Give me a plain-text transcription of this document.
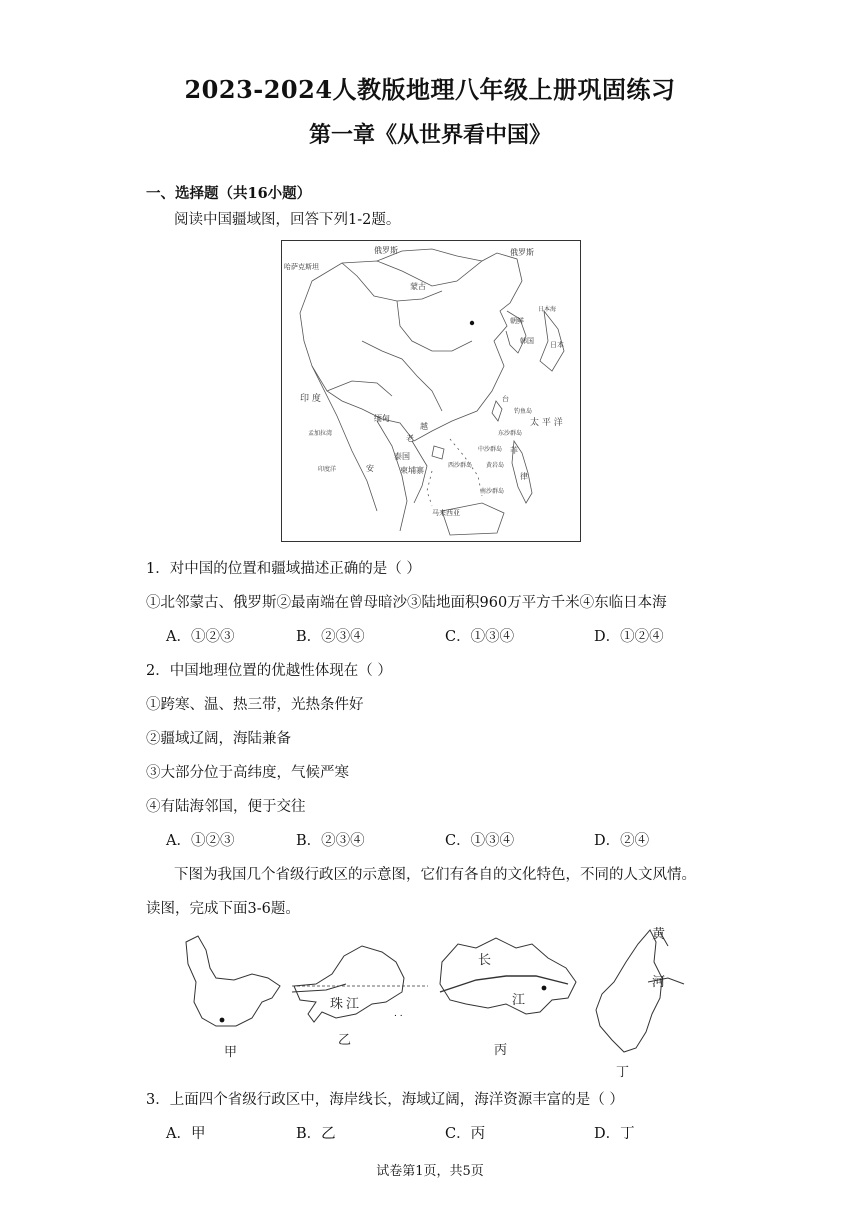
2023-2024人教版地理八年级上册巩固练习
第一章《从世界看中国》
一、选择题（共16小题）
阅读中国疆域图，回答下列1-2题。
俄罗斯	俄罗斯
哈萨克斯坦
蒙古
朝鲜
韩国
日本海
日本
印 度
缅甸
老
越
泰国
柬埔寨
孟加拉湾
印度洋
东沙群岛
中沙群岛
西沙群岛 黄岩岛
钓鱼岛
南沙群岛
太 平 洋
菲
律
马来西亚
安
台
1．对中国的位置和疆域描述正确的是（ ）
①北邻蒙古、俄罗斯②最南端在曾母暗沙③陆地面积960万平方千米④东临日本海
A．①②③	B．②③④	C．①③④	D．①②④
2．中国地理位置的优越性体现在（ ）
①跨寒、温、热三带，光热条件好
②疆域辽阔，海陆兼备
③大部分位于高纬度，气候严寒
④有陆海邻国，便于交往
A．①②③	B．②③④	C．①③④	D．②④
下图为我国几个省级行政区的示意图，它们有各自的文化特色，不同的人文风情。
读图，完成下面3-6题。
. .
甲
乙
丙
丁
珠 江
长
江
黄
河
3．上面四个省级行政区中，海岸线长，海域辽阔，海洋资源丰富的是（ ）
A．甲	B．乙	C．丙	D．丁
试卷第1页，共5页
